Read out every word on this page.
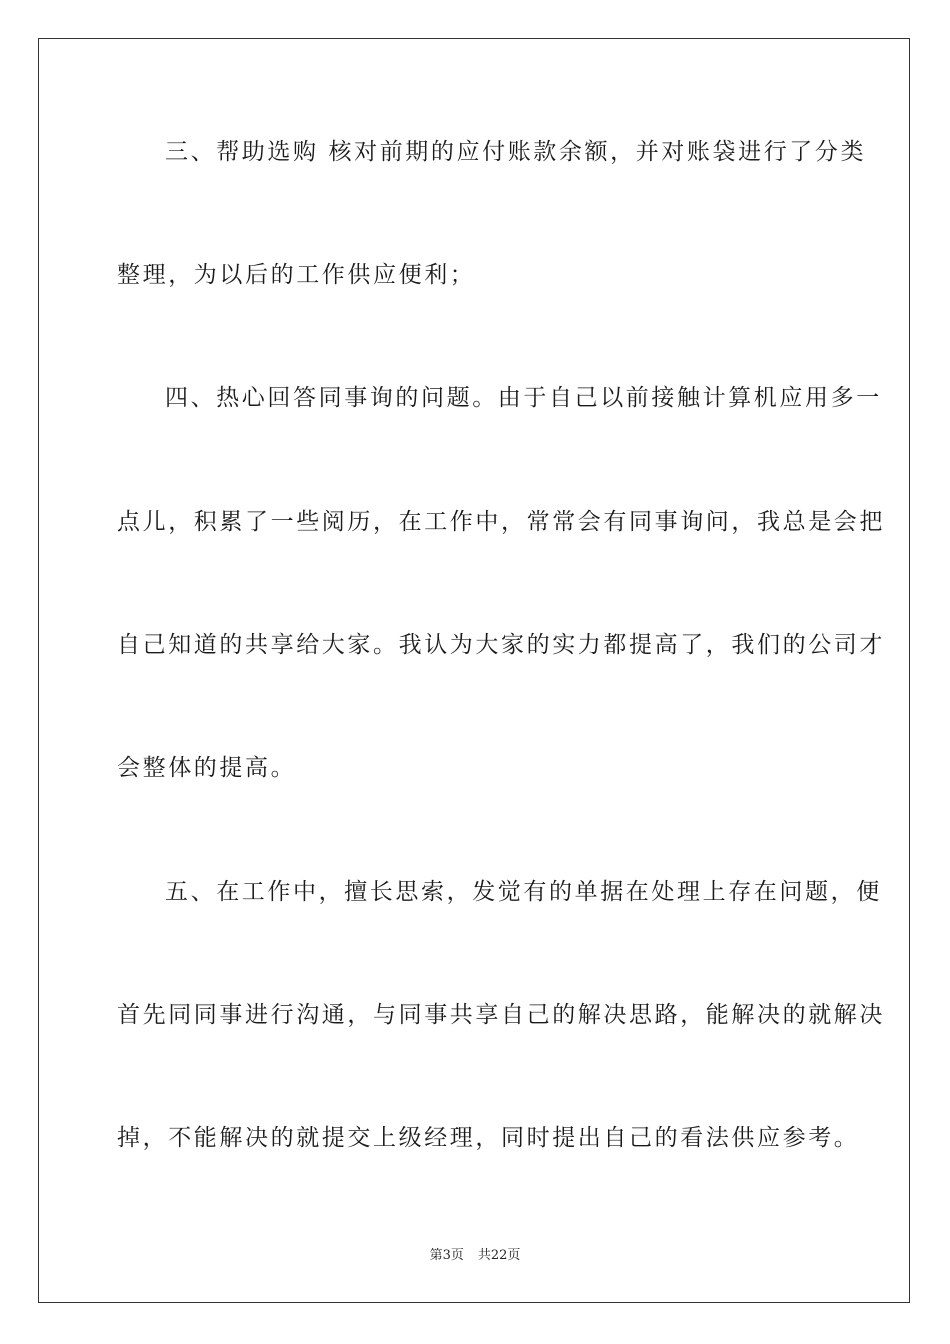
三、帮助选购 核对前期的应付账款余额，并对账袋进行了分类

整理，为以后的工作供应便利；

四、热心回答同事询的问题。由于自己以前接触计算机应用多一

点儿，积累了一些阅历，在工作中，常常会有同事询问，我总是会把

自己知道的共享给大家。我认为大家的实力都提高了，我们的公司才

会整体的提高。

五、在工作中，擅长思索，发觉有的单据在处理上存在问题，便

首先同同事进行沟通，与同事共享自己的解决思路，能解决的就解决

掉，不能解决的就提交上级经理，同时提出自己的看法供应参考。

第3页 共22页
